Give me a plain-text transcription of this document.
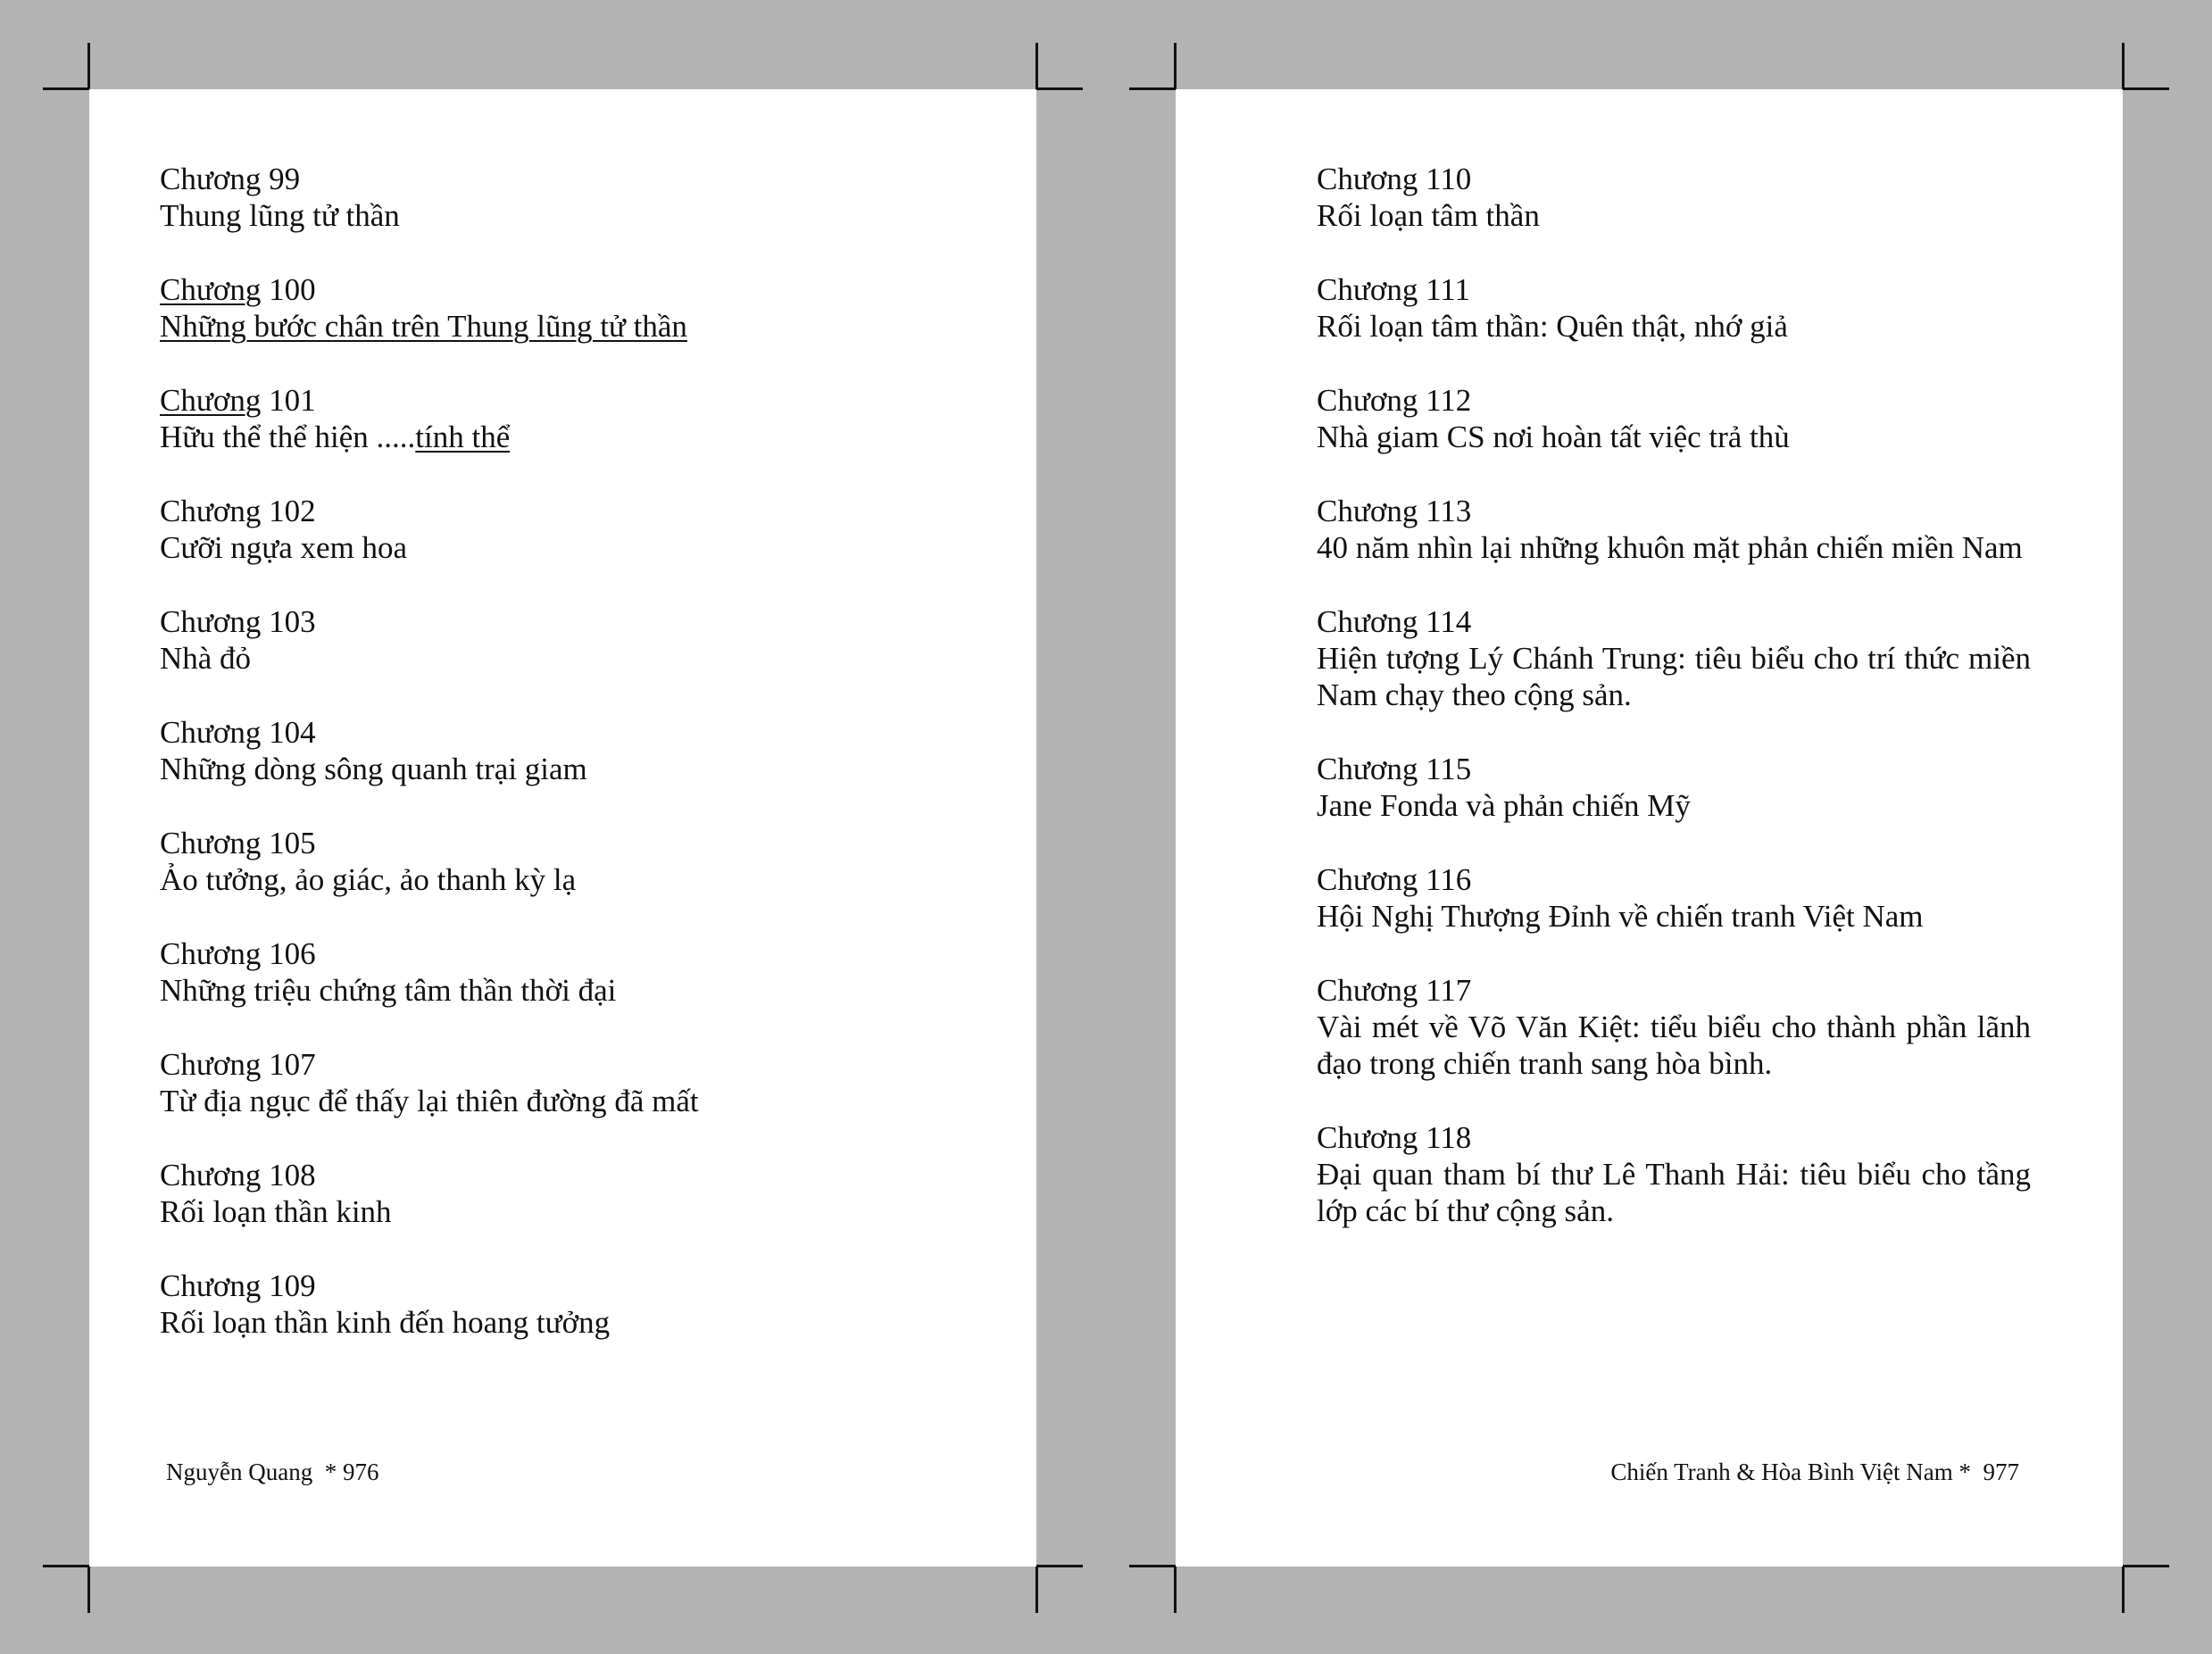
Chương 99
Thung lũng tử thần
Chương 100
Những bước chân trên Thung lũng tử thần
Chương 101
Hữu thể thể hiện .....tính thể
Chương 102
Cưỡi ngựa xem hoa
Chương 103
Nhà đỏ
Chương 104
Những dòng sông quanh trại giam
Chương 105
Ảo tưởng, ảo giác, ảo thanh kỳ lạ
Chương 106
Những triệu chứng tâm thần thời đại
Chương 107
Từ địa ngục để thấy lại thiên đường đã mất
Chương 108
Rối loạn thần kinh
Chương 109
Rối loạn thần kinh đến hoang tưởng
Nguyễn Quang  * 976
Chương 110
Rối loạn tâm thần
Chương 111
Rối loạn tâm thần: Quên thật, nhớ giả
Chương 112
Nhà giam CS nơi hoàn tất việc trả thù
Chương 113
40 năm nhìn lại những khuôn mặt phản chiến miền Nam
Chương 114
Hiện tượng Lý Chánh Trung: tiêu biểu cho trí thức miền Nam chạy theo cộng sản.
Chương 115
Jane Fonda và phản chiến Mỹ
Chương 116
Hội Nghị Thượng Đỉnh về chiến tranh Việt Nam
Chương 117
Vài mét về Võ Văn Kiệt: tiểu biểu cho thành phần lãnh đạo trong chiến tranh sang hòa bình.
Chương 118
Đại quan tham bí thư Lê Thanh Hải: tiêu biểu cho tầng lớp các bí thư cộng sản.
Chiến Tranh & Hòa Bình Việt Nam *  977
